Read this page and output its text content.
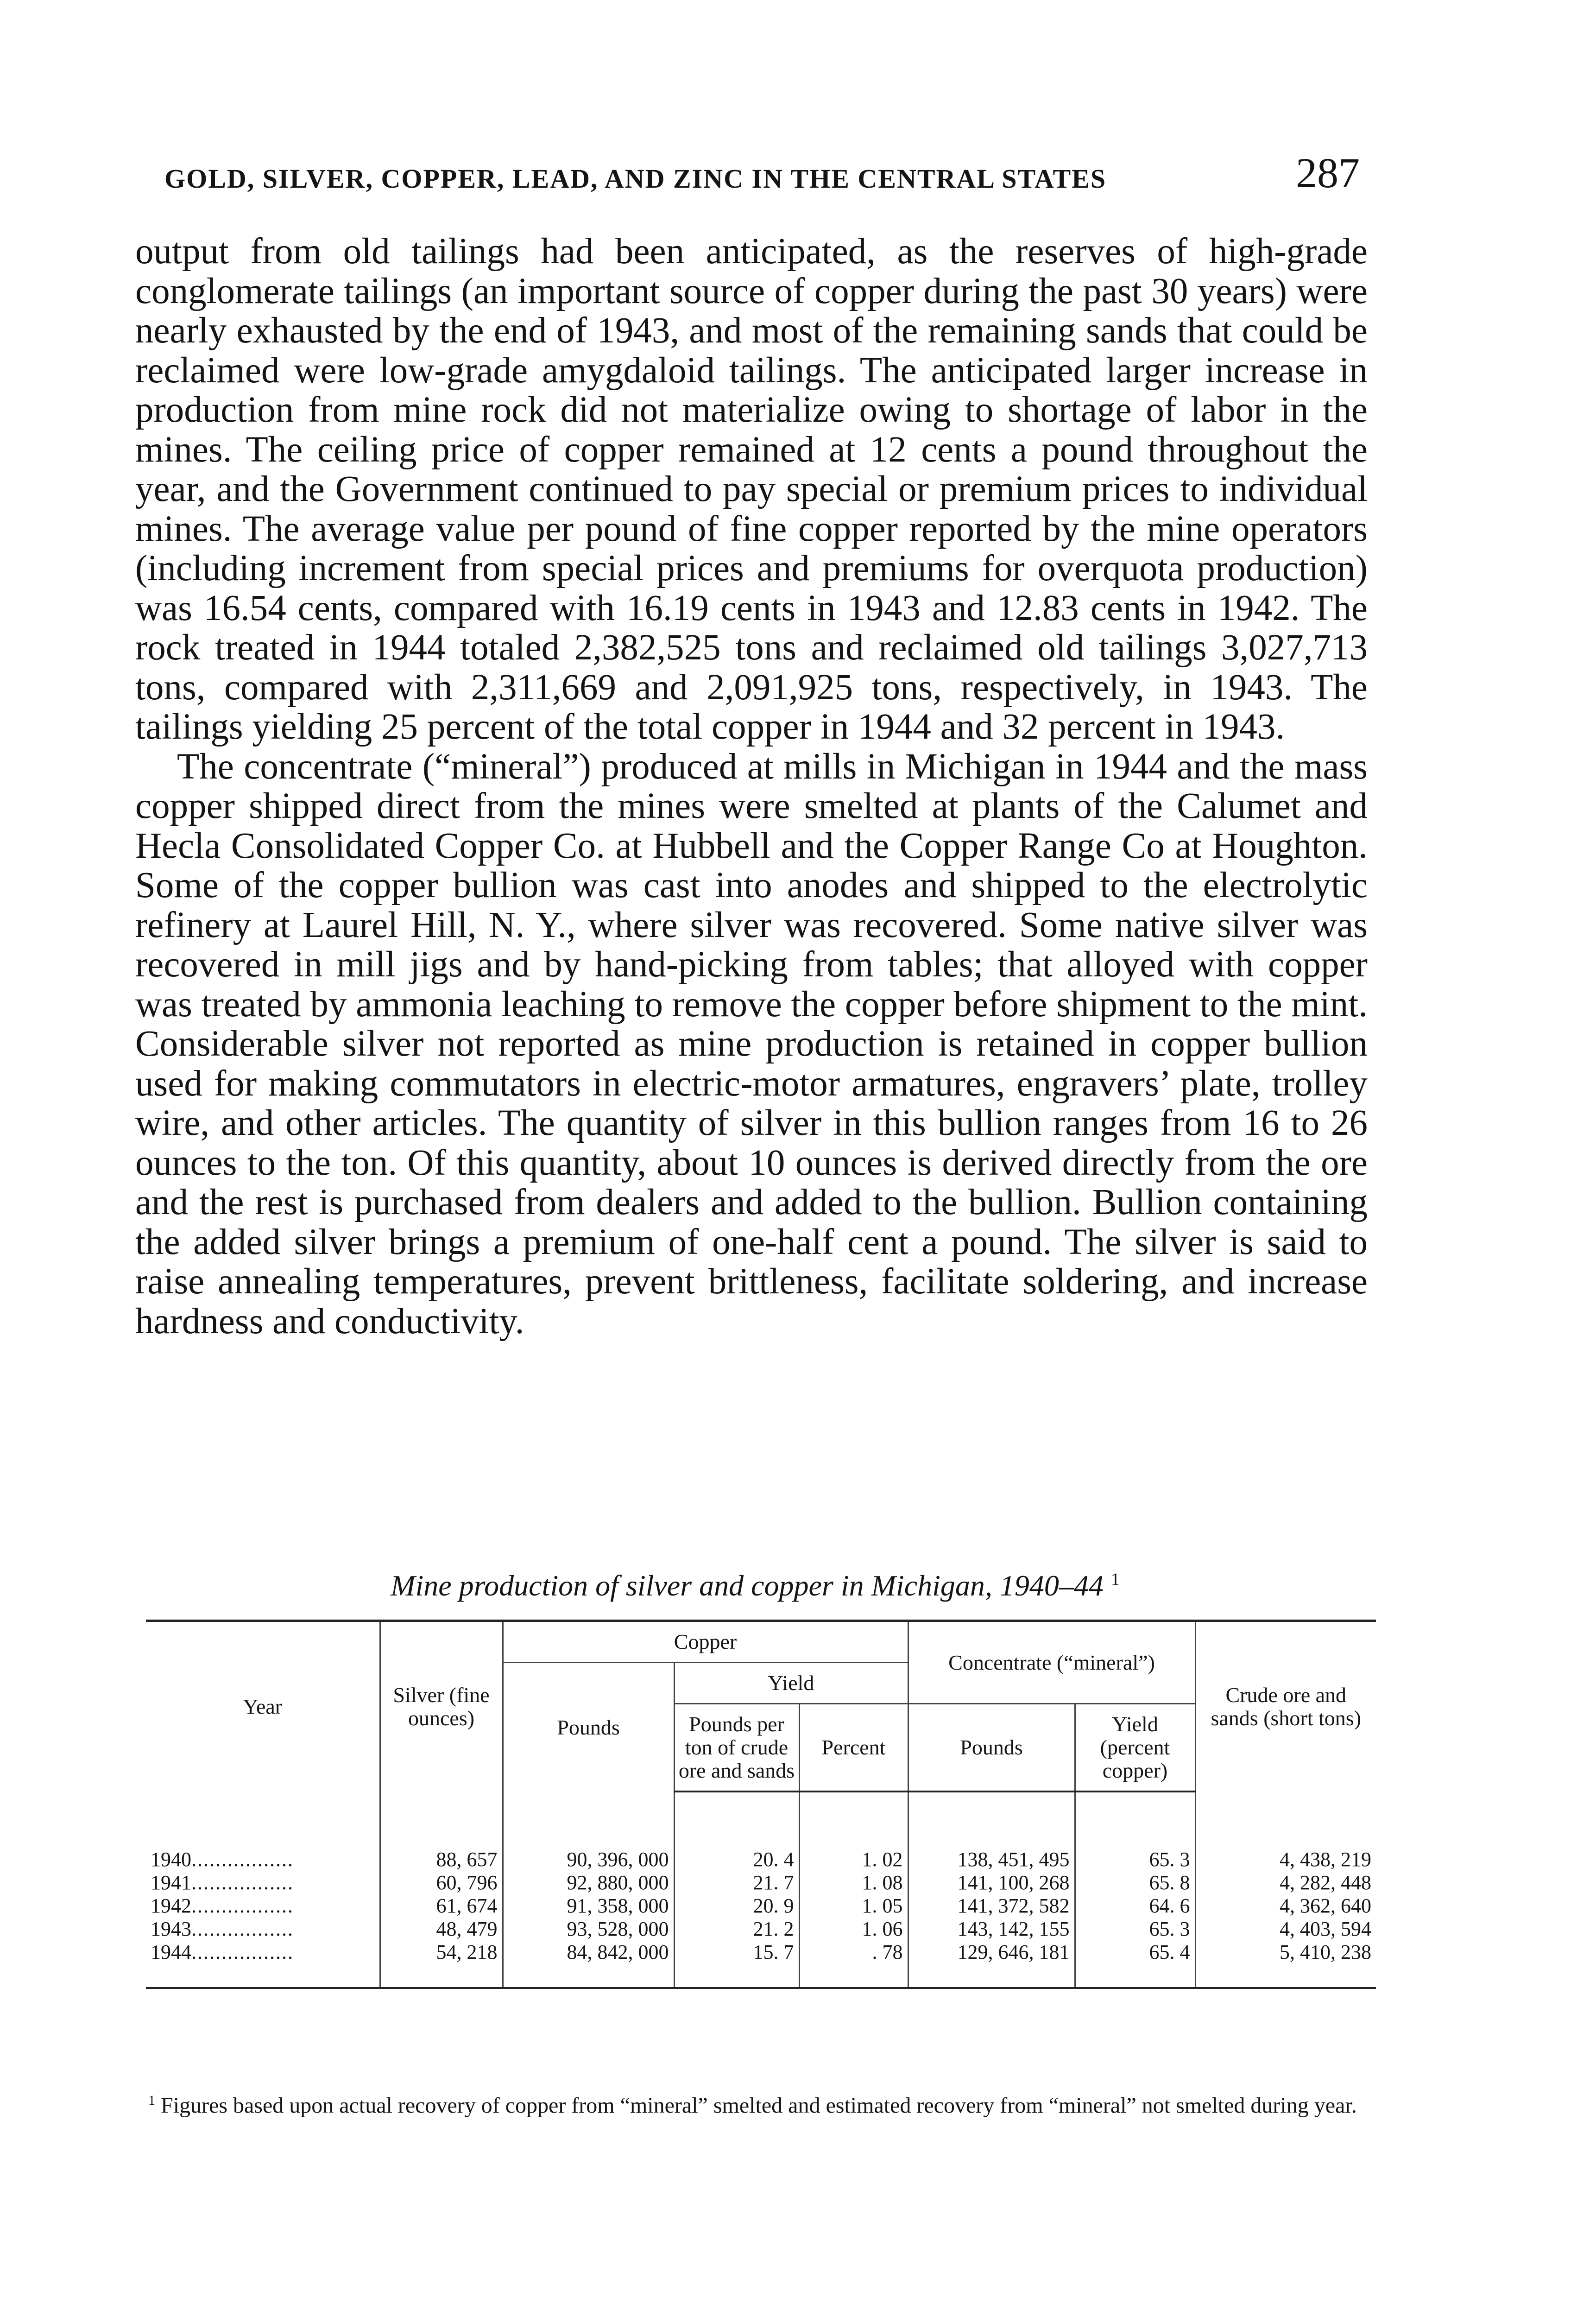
GOLD, SILVER, COPPER, LEAD, AND ZINC IN THE CENTRAL STATES	287

output from old tailings had been anticipated, as the reserves of high-grade conglomerate tailings (an important source of copper during the past 30 years) were nearly exhausted by the end of 1943, and most of the remaining sands that could be reclaimed were low-grade amygdaloid tailings. The anticipated larger increase in production from mine rock did not materialize owing to shortage of labor in the mines. The ceiling price of copper remained at 12 cents a pound throughout the year, and the Government continued to pay special or premium prices to individual mines. The average value per pound of fine copper reported by the mine operators (including increment from special prices and premiums for overquota production) was 16.54 cents, compared with 16.19 cents in 1943 and 12.83 cents in 1942. The rock treated in 1944 totaled 2,382,525 tons and reclaimed old tailings 3,027,713 tons, compared with 2,311,669 and 2,091,925 tons, respectively, in 1943. The tailings yielding 25 percent of the total copper in 1944 and 32 percent in 1943.

The concentrate (“mineral”) produced at mills in Michigan in 1944 and the mass copper shipped direct from the mines were smelted at plants of the Calumet and Hecla Consolidated Copper Co. at Hubbell and the Copper Range Co at Houghton. Some of the copper bullion was cast into anodes and shipped to the electrolytic refinery at Laurel Hill, N. Y., where silver was recovered. Some native silver was recovered in mill jigs and by hand-picking from tables; that alloyed with copper was treated by ammonia leaching to remove the copper before shipment to the mint. Considerable silver not reported as mine production is retained in copper bullion used for making commutators in electric-motor armatures, engravers’ plate, trolley wire, and other articles. The quantity of silver in this bullion ranges from 16 to 26 ounces to the ton. Of this quantity, about 10 ounces is derived directly from the ore and the rest is purchased from dealers and added to the bullion. Bullion containing the added silver brings a premium of one-half cent a pound. The silver is said to raise annealing temperatures, prevent brittleness, facilitate soldering, and increase hardness and conductivity.

Mine production of silver and copper in Michigan, 1940–44 $^1$
Year	Silver (fine ounces)	Copper			Concentrate (“mineral”)		Crude ore and sands (short tons)
		Pounds	Yield				
			Pounds per ton of crude ore and sands	Percent	Pounds	Yield (percent copper)	

1940.................	88, 657	90, 396, 000	20. 4	1. 02	138, 451, 495	65. 3	4, 438, 219
1941.................	60, 796	92, 880, 000	21. 7	1. 08	141, 100, 268	65. 8	4, 282, 448
1942.................	61, 674	91, 358, 000	20. 9	1. 05	141, 372, 582	64. 6	4, 362, 640
1943.................	48, 479	93, 528, 000	21. 2	1. 06	143, 142, 155	65. 3	4, 403, 594
1944.................	54, 218	84, 842, 000	15. 7	. 78	129, 646, 181	65. 4	5, 410, 238
$^1$ Figures based upon actual recovery of copper from “mineral” smelted and estimated recovery from “mineral” not smelted during year.
